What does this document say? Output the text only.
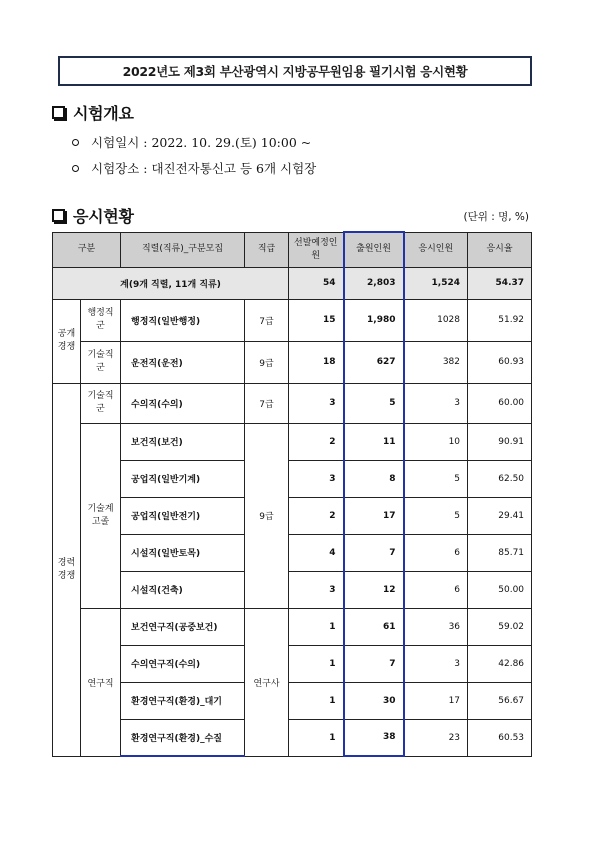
2022년도 제3회 부산광역시 지방공무원임용 필기시험 응시현황
시험개요
시험일시 : 2022. 10. 29.(토) 10:00 ~
시험장소 : 대진전자통신고 등 6개 시험장
응시현황	(단위 : 명, %)
구분		직렬(직류)_구분모집	직급	선발예정인원	출원인원	응시인원	응시율
계(9개 직렬, 11개 직류)				54	2,803	1,524	54.37
공개경쟁	행정직군	행정직(일반행정)	7급	15	1,980	1028	51.92
	기술직군	운전직(운전)	9급	18	627	382	60.93
경력경쟁	기술직군	수의직(수의)	7급	3	5	3	60.00
	기술계고졸	보건직(보건)	9급	2	11	10	90.91
		공업직(일반기계)		3	8	5	62.50
		공업직(일반전기)		2	17	5	29.41
		시설직(일반토목)		4	7	6	85.71
		시설직(건축)		3	12	6	50.00
	연구직	보건연구직(공중보건)	연구사	1	61	36	59.02
		수의연구직(수의)		1	7	3	42.86
		환경연구직(환경)_대기		1	30	17	56.67
		환경연구직(환경)_수질		1	38	23	60.53
